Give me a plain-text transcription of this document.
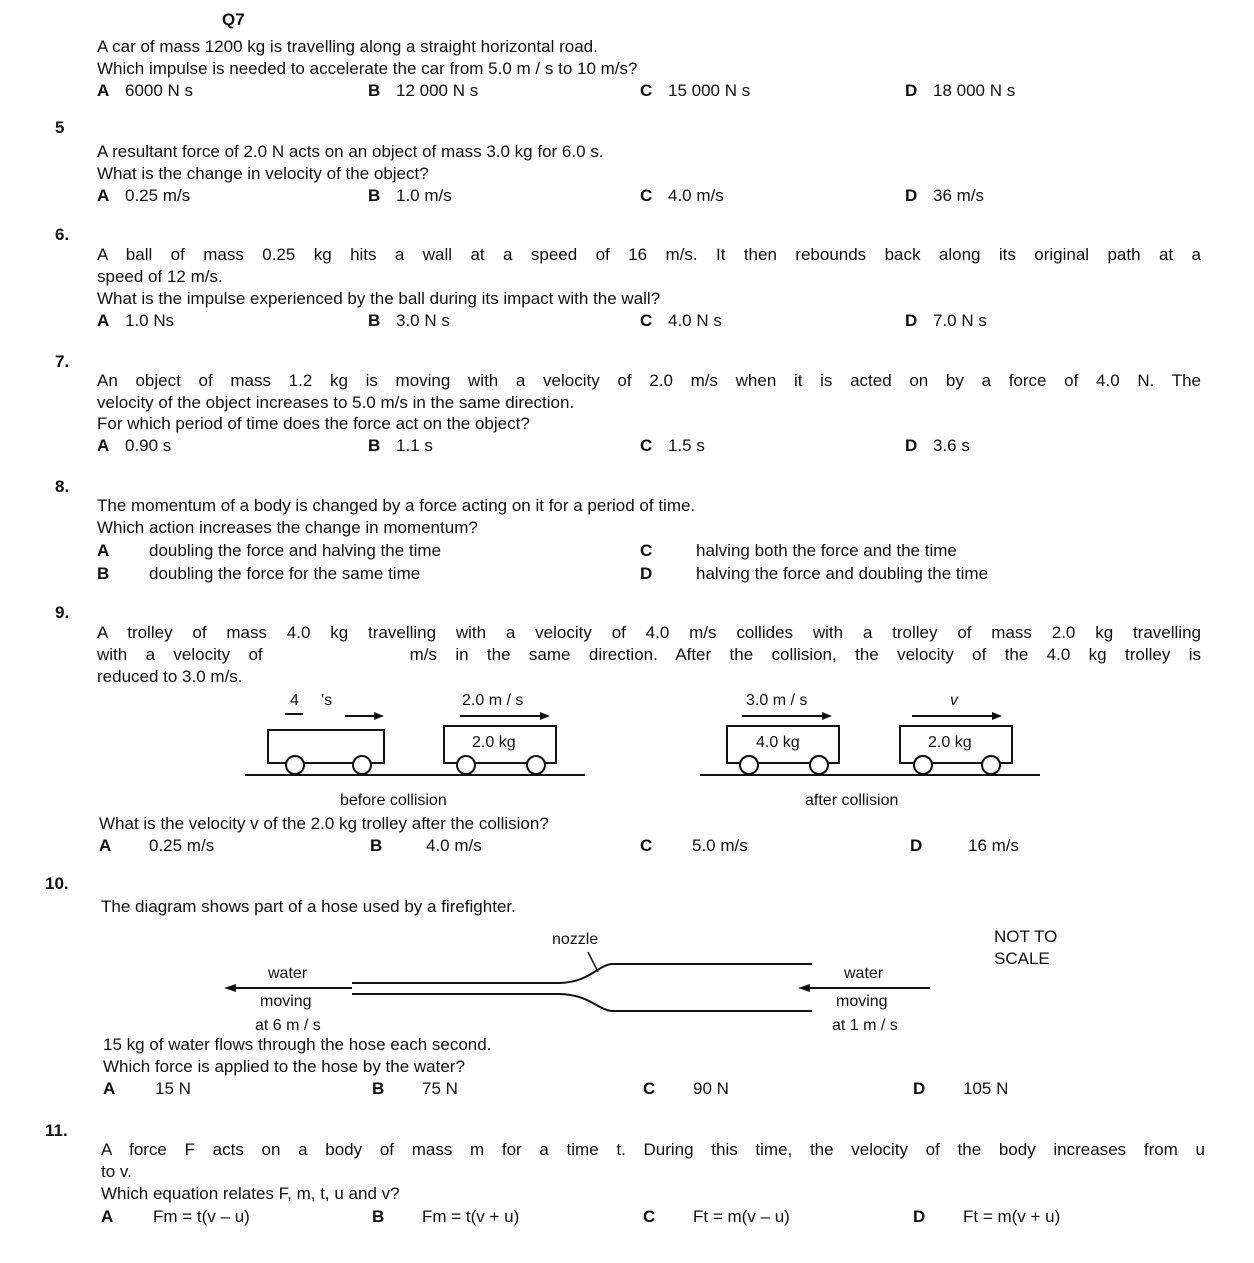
Q7
A car of mass 1200 kg is travelling along a straight horizontal road.
Which impulse is needed to accelerate the car from 5.0 m / s to 10 m/s?
A 6000 N s	B 12 000 N s	C 15 000 N s	D 18 000 N s
5
A resultant force of 2.0 N acts on an object of mass 3.0 kg for 6.0 s.
What is the change in velocity of the object?
A 0.25 m/s	B 1.0 m/s	C 4.0 m/s	D 36 m/s
6.
A ball of mass 0.25 kg hits a wall at a speed of 16 m/s. It then rebounds back along its original path at a
speed of 12 m/s.
What is the impulse experienced by the ball during its impact with the wall?
A 1.0 Ns	B 3.0 N s	C 4.0 N s	D 7.0 N s
7.
An object of mass 1.2 kg is moving with a velocity of 2.0 m/s when it is acted on by a force of 4.0 N. The
velocity of the object increases to 5.0 m/s in the same direction.
For which period of time does the force act on the object?
A 0.90 s	B 1.1 s	C 1.5 s	D 3.6 s
8.
The momentum of a body is changed by a force acting on it for a period of time.
Which action increases the change in momentum?
A doubling the force and halving the time
B doubling the force for the same time
C	halving both the force and the time
D	halving the force and doubling the time
9.
A trolley of mass 4.0 kg travelling with a velocity of 4.0 m/s collides with a trolley of mass 2.0 kg travelling
with a velocity of        m/s in the same direction. After the collision, the velocity of the 4.0 kg trolley is
reduced to 3.0 m/s.
4     's	2.0 m / s
2.0 kg
before collision
3.0 m / s	v
4.0 kg	2.0 kg
after collision
What is the velocity v of the 2.0 kg trolley after the collision?
A 0.25 m/s	B	4.0 m/s	C 5.0 m/s	D	16 m/s
10.
The diagram shows part of a hose used by a firefighter.
nozzle	NOT TO
SCALE
water
moving
at 6 m / s
water
moving
at 1 m / s
15 kg of water flows through the hose each second.
Which force is applied to the hose by the water?
A 15 N	B 75 N	C 90 N	D 105 N
11.
A force F acts on a body of mass m for a time t. During this time, the velocity of the body increases from u
to v.
Which equation relates F, m, t, u and v?
A Fm = t(v – u)	B Fm = t(v + u)	C Ft = m(v – u)	D Ft = m(v + u)
